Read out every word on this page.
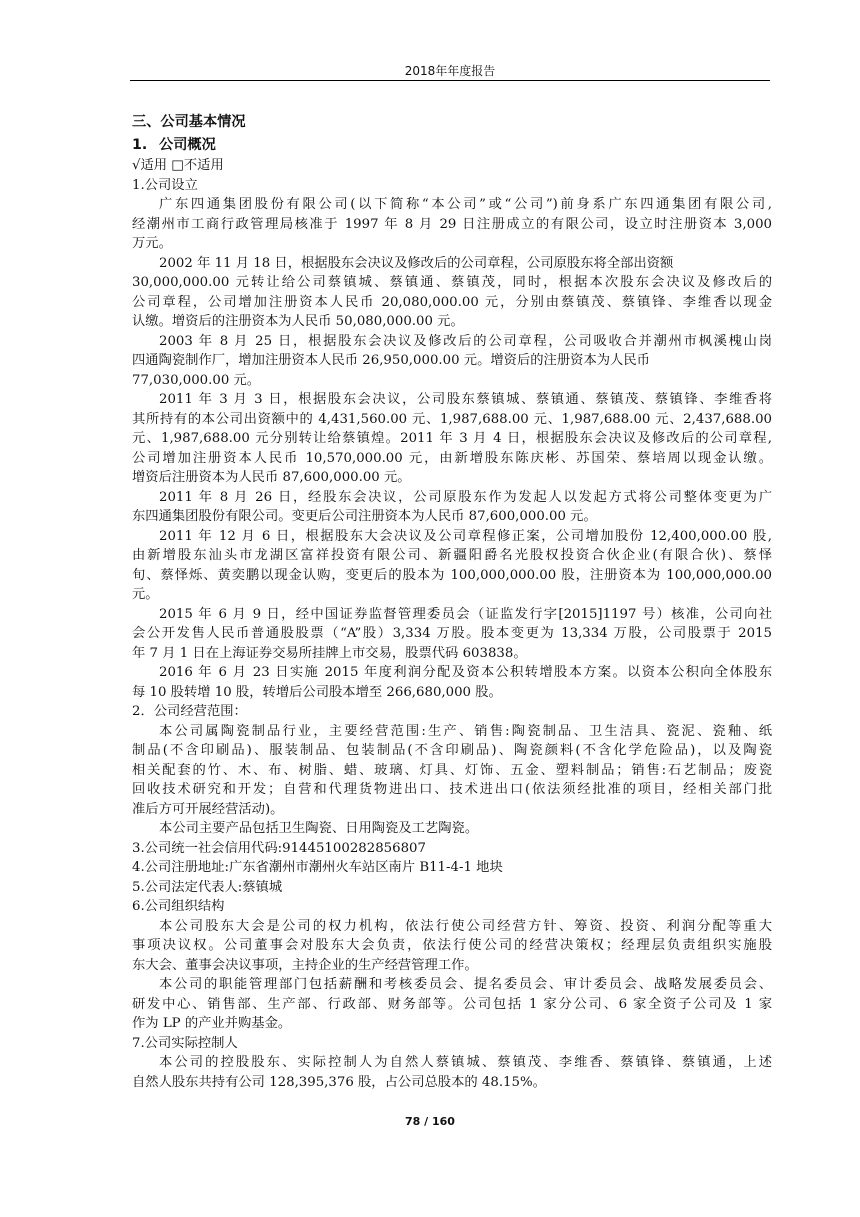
2018年年度报告
三、公司基本情况
1. 公司概况
√适用 □不适用
1.公司设立
广东四通集团股份有限公司(以下简称“本公司”或“公司”)前身系广东四通集团有限公司,
经潮州市工商行政管理局核准于 1997 年 8 月 29 日注册成立的有限公司，设立时注册资本 3,000
万元。
2002 年 11 月 18 日，根据股东会决议及修改后的公司章程，公司原股东将全部出资额
30,000,000.00 元转让给公司蔡镇城、蔡镇通、蔡镇茂，同时，根据本次股东会决议及修改后的
公司章程，公司增加注册资本人民币 20,080,000.00 元，分别由蔡镇茂、蔡镇锋、李维香以现金
认缴。增资后的注册资本为人民币 50,080,000.00 元。
2003 年 8 月 25 日，根据股东会决议及修改后的公司章程，公司吸收合并潮州市枫溪槐山岗
四通陶瓷制作厂，增加注册资本人民币 26,950,000.00 元。增资后的注册资本为人民币
77,030,000.00 元。
2011 年 3 月 3 日，根据股东会决议，公司股东蔡镇城、蔡镇通、蔡镇茂、蔡镇锋、李维香将
其所持有的本公司出资额中的 4,431,560.00 元、1,987,688.00 元、1,987,688.00 元、2,437,688.00
元、1,987,688.00 元分别转让给蔡镇煌。2011 年 3 月 4 日，根据股东会决议及修改后的公司章程,
公司增加注册资本人民币 10,570,000.00 元，由新增股东陈庆彬、苏国荣、蔡培周以现金认缴。
增资后注册资本为人民币 87,600,000.00 元。
2011 年 8 月 26 日，经股东会决议，公司原股东作为发起人以发起方式将公司整体变更为广
东四通集团股份有限公司。变更后公司注册资本为人民币 87,600,000.00 元。
2011 年 12 月 6 日，根据股东大会决议及公司章程修正案，公司增加股份 12,400,000.00 股,
由新增股东汕头市龙湖区富祥投资有限公司、新疆阳爵名光股权投资合伙企业(有限合伙)、蔡怿
旬、蔡怿烁、黄奕鹏以现金认购，变更后的股本为 100,000,000.00 股，注册资本为 100,000,000.00
元。
2015 年 6 月 9 日，经中国证券监督管理委员会（证监发行字[2015]1197 号）核准，公司向社
会公开发售人民币普通股股票（“A”股）3,334 万股。股本变更为 13,334 万股，公司股票于 2015
年 7 月 1 日在上海证券交易所挂牌上市交易，股票代码 603838。
2016 年 6 月 23 日实施 2015 年度利润分配及资本公积转增股本方案。以资本公积向全体股东
每 10 股转增 10 股，转增后公司股本增至 266,680,000 股。
2．公司经营范围：
本公司属陶瓷制品行业，主要经营范围:生产、销售:陶瓷制品、卫生洁具、瓷泥、瓷釉、纸
制品(不含印刷品)、服装制品、包装制品(不含印刷品)、陶瓷颜料(不含化学危险品)，以及陶瓷
相关配套的竹、木、布、树脂、蜡、玻璃、灯具、灯饰、五金、塑料制品；销售:石艺制品；废瓷
回收技术研究和开发；自营和代理货物进出口、技术进出口(依法须经批准的项目，经相关部门批
准后方可开展经营活动)。
本公司主要产品包括卫生陶瓷、日用陶瓷及工艺陶瓷。
3.公司统一社会信用代码:91445100282856807
4.公司注册地址:广东省潮州市潮州火车站区南片 B11-4-1 地块
5.公司法定代表人:蔡镇城
6.公司组织结构
本公司股东大会是公司的权力机构，依法行使公司经营方针、筹资、投资、利润分配等重大
事项决议权。公司董事会对股东大会负责，依法行使公司的经营决策权；经理层负责组织实施股
东大会、董事会决议事项，主持企业的生产经营管理工作。
本公司的职能管理部门包括薪酬和考核委员会、提名委员会、审计委员会、战略发展委员会、
研发中心、销售部、生产部、行政部、财务部等。公司包括 1 家分公司、6 家全资子公司及 1 家
作为 LP 的产业并购基金。
7.公司实际控制人
本公司的控股股东、实际控制人为自然人蔡镇城、蔡镇茂、李维香、蔡镇锋、蔡镇通，上述
自然人股东共持有公司 128,395,376 股，占公司总股本的 48.15%。
78 / 160
